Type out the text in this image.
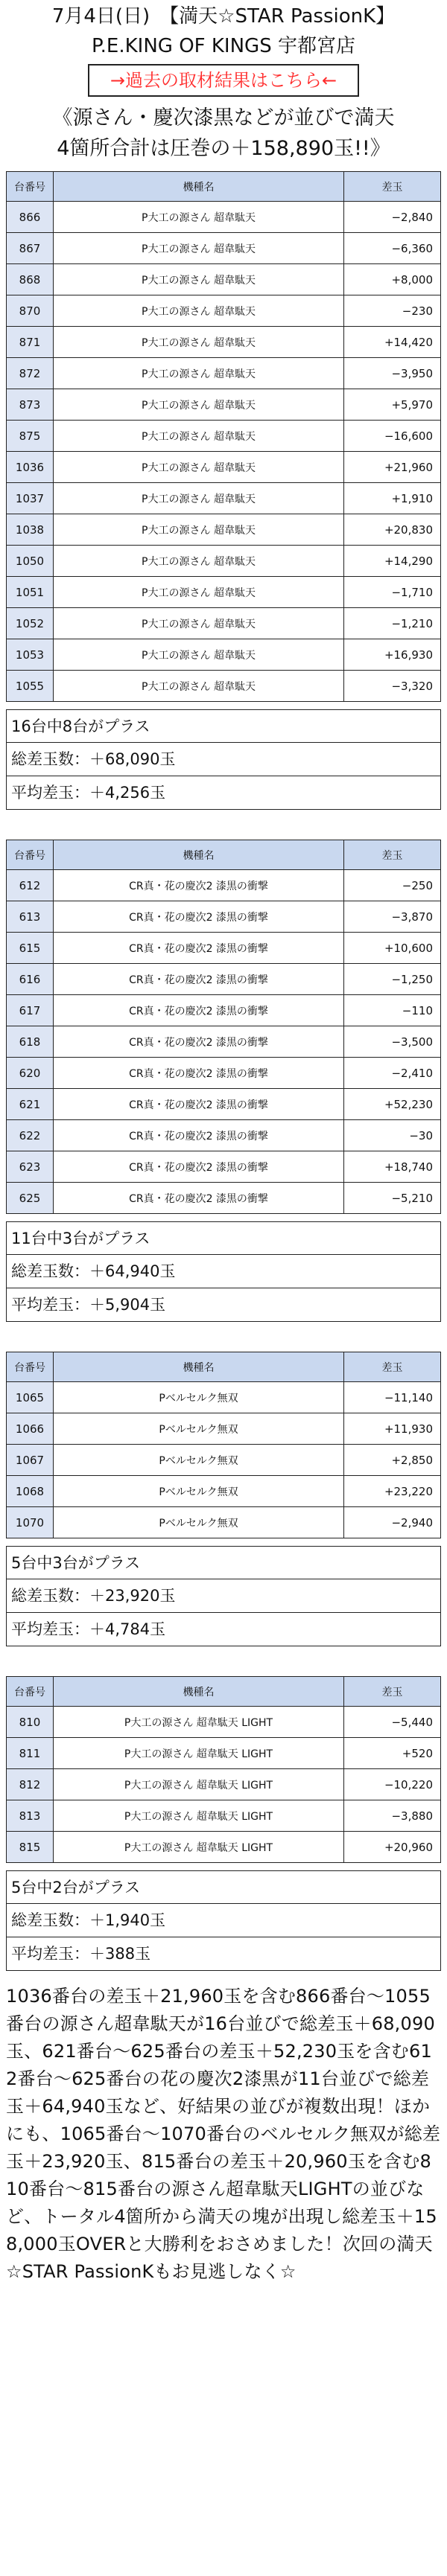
7月4日(日)　【満天☆STAR PassionK】
P.E.KING OF KINGS 宇都宮店
→過去の取材結果はこちら←
《源さん・慶次漆黒などが並びで満天
4箇所合計は圧巻の＋158,890玉!!》
台番号	機種名	差玉
866	P大工の源さん 超韋駄天	−2,840
867	P大工の源さん 超韋駄天	−6,360
868	P大工の源さん 超韋駄天	+8,000
870	P大工の源さん 超韋駄天	−230
871	P大工の源さん 超韋駄天	+14,420
872	P大工の源さん 超韋駄天	−3,950
873	P大工の源さん 超韋駄天	+5,970
875	P大工の源さん 超韋駄天	−16,600
1036	P大工の源さん 超韋駄天	+21,960
1037	P大工の源さん 超韋駄天	+1,910
1038	P大工の源さん 超韋駄天	+20,830
1050	P大工の源さん 超韋駄天	+14,290
1051	P大工の源さん 超韋駄天	−1,710
1052	P大工の源さん 超韋駄天	−1,210
1053	P大工の源さん 超韋駄天	+16,930
1055	P大工の源さん 超韋駄天	−3,320
16台中8台がプラス
総差玉数：＋68,090玉
平均差玉：＋4,256玉
台番号	機種名	差玉
612	CR真・花の慶次2 漆黒の衝撃	−250
613	CR真・花の慶次2 漆黒の衝撃	−3,870
615	CR真・花の慶次2 漆黒の衝撃	+10,600
616	CR真・花の慶次2 漆黒の衝撃	−1,250
617	CR真・花の慶次2 漆黒の衝撃	−110
618	CR真・花の慶次2 漆黒の衝撃	−3,500
620	CR真・花の慶次2 漆黒の衝撃	−2,410
621	CR真・花の慶次2 漆黒の衝撃	+52,230
622	CR真・花の慶次2 漆黒の衝撃	−30
623	CR真・花の慶次2 漆黒の衝撃	+18,740
625	CR真・花の慶次2 漆黒の衝撃	−5,210
11台中3台がプラス
総差玉数：＋64,940玉
平均差玉：＋5,904玉
台番号	機種名	差玉
1065	Pベルセルク無双	−11,140
1066	Pベルセルク無双	+11,930
1067	Pベルセルク無双	+2,850
1068	Pベルセルク無双	+23,220
1070	Pベルセルク無双	−2,940
5台中3台がプラス
総差玉数：＋23,920玉
平均差玉：＋4,784玉
台番号	機種名	差玉
810	P大工の源さん 超韋駄天 LIGHT	−5,440
811	P大工の源さん 超韋駄天 LIGHT	+520
812	P大工の源さん 超韋駄天 LIGHT	−10,220
813	P大工の源さん 超韋駄天 LIGHT	−3,880
815	P大工の源さん 超韋駄天 LIGHT	+20,960
5台中2台がプラス
総差玉数：＋1,940玉
平均差玉：＋388玉
1036番台の差玉＋21,960玉を含む866番台〜1055番台の源さん超韋駄天が16台並びで総差玉＋68,090玉、621番台〜625番台の差玉＋52,230玉を含む612番台〜625番台の花の慶次2漆黒が11台並びで総差玉＋64,940玉など、好結果の並びが複数出現！ほかにも、1065番台〜1070番台のベルセルク無双が総差玉＋23,920玉、815番台の差玉＋20,960玉を含む810番台〜815番台の源さん超韋駄天LIGHTの並びなど、トータル4箇所から満天の塊が出現し総差玉＋158,000玉OVERと大勝利をおさめました！次回の満天☆STAR PassionKもお見逃しなく☆
